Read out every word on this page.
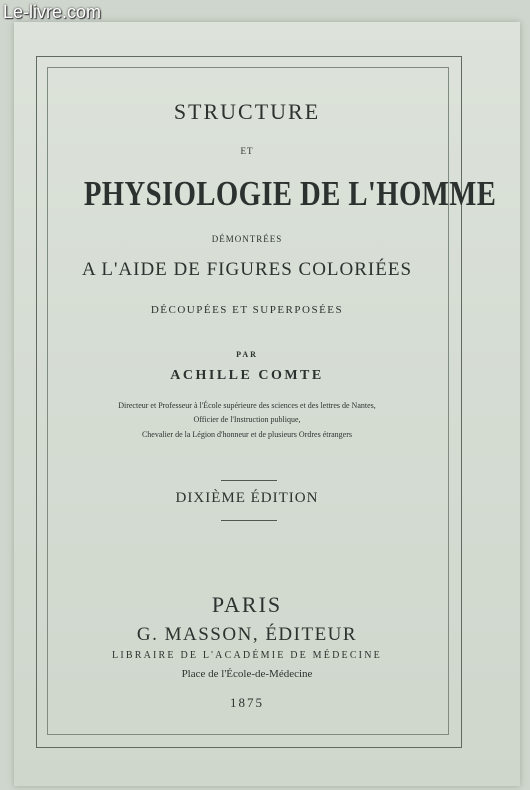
Le-livre.com
STRUCTURE
ET
PHYSIOLOGIE DE L'HOMME
DÉMONTRÉES
A L'AIDE DE FIGURES COLORIÉES
DÉCOUPÉES ET SUPERPOSÉES
PAR
ACHILLE COMTE
Directeur et Professeur à l'École supérieure des sciences et des lettres de Nantes,
Officier de l'Instruction publique,
Chevalier de la Légion d'honneur et de plusieurs Ordres étrangers
DIXIÈME ÉDITION
PARIS
G. MASSON, ÉDITEUR
LIBRAIRE DE L'ACADÉMIE DE MÉDECINE
Place de l'École-de-Médecine
1875
